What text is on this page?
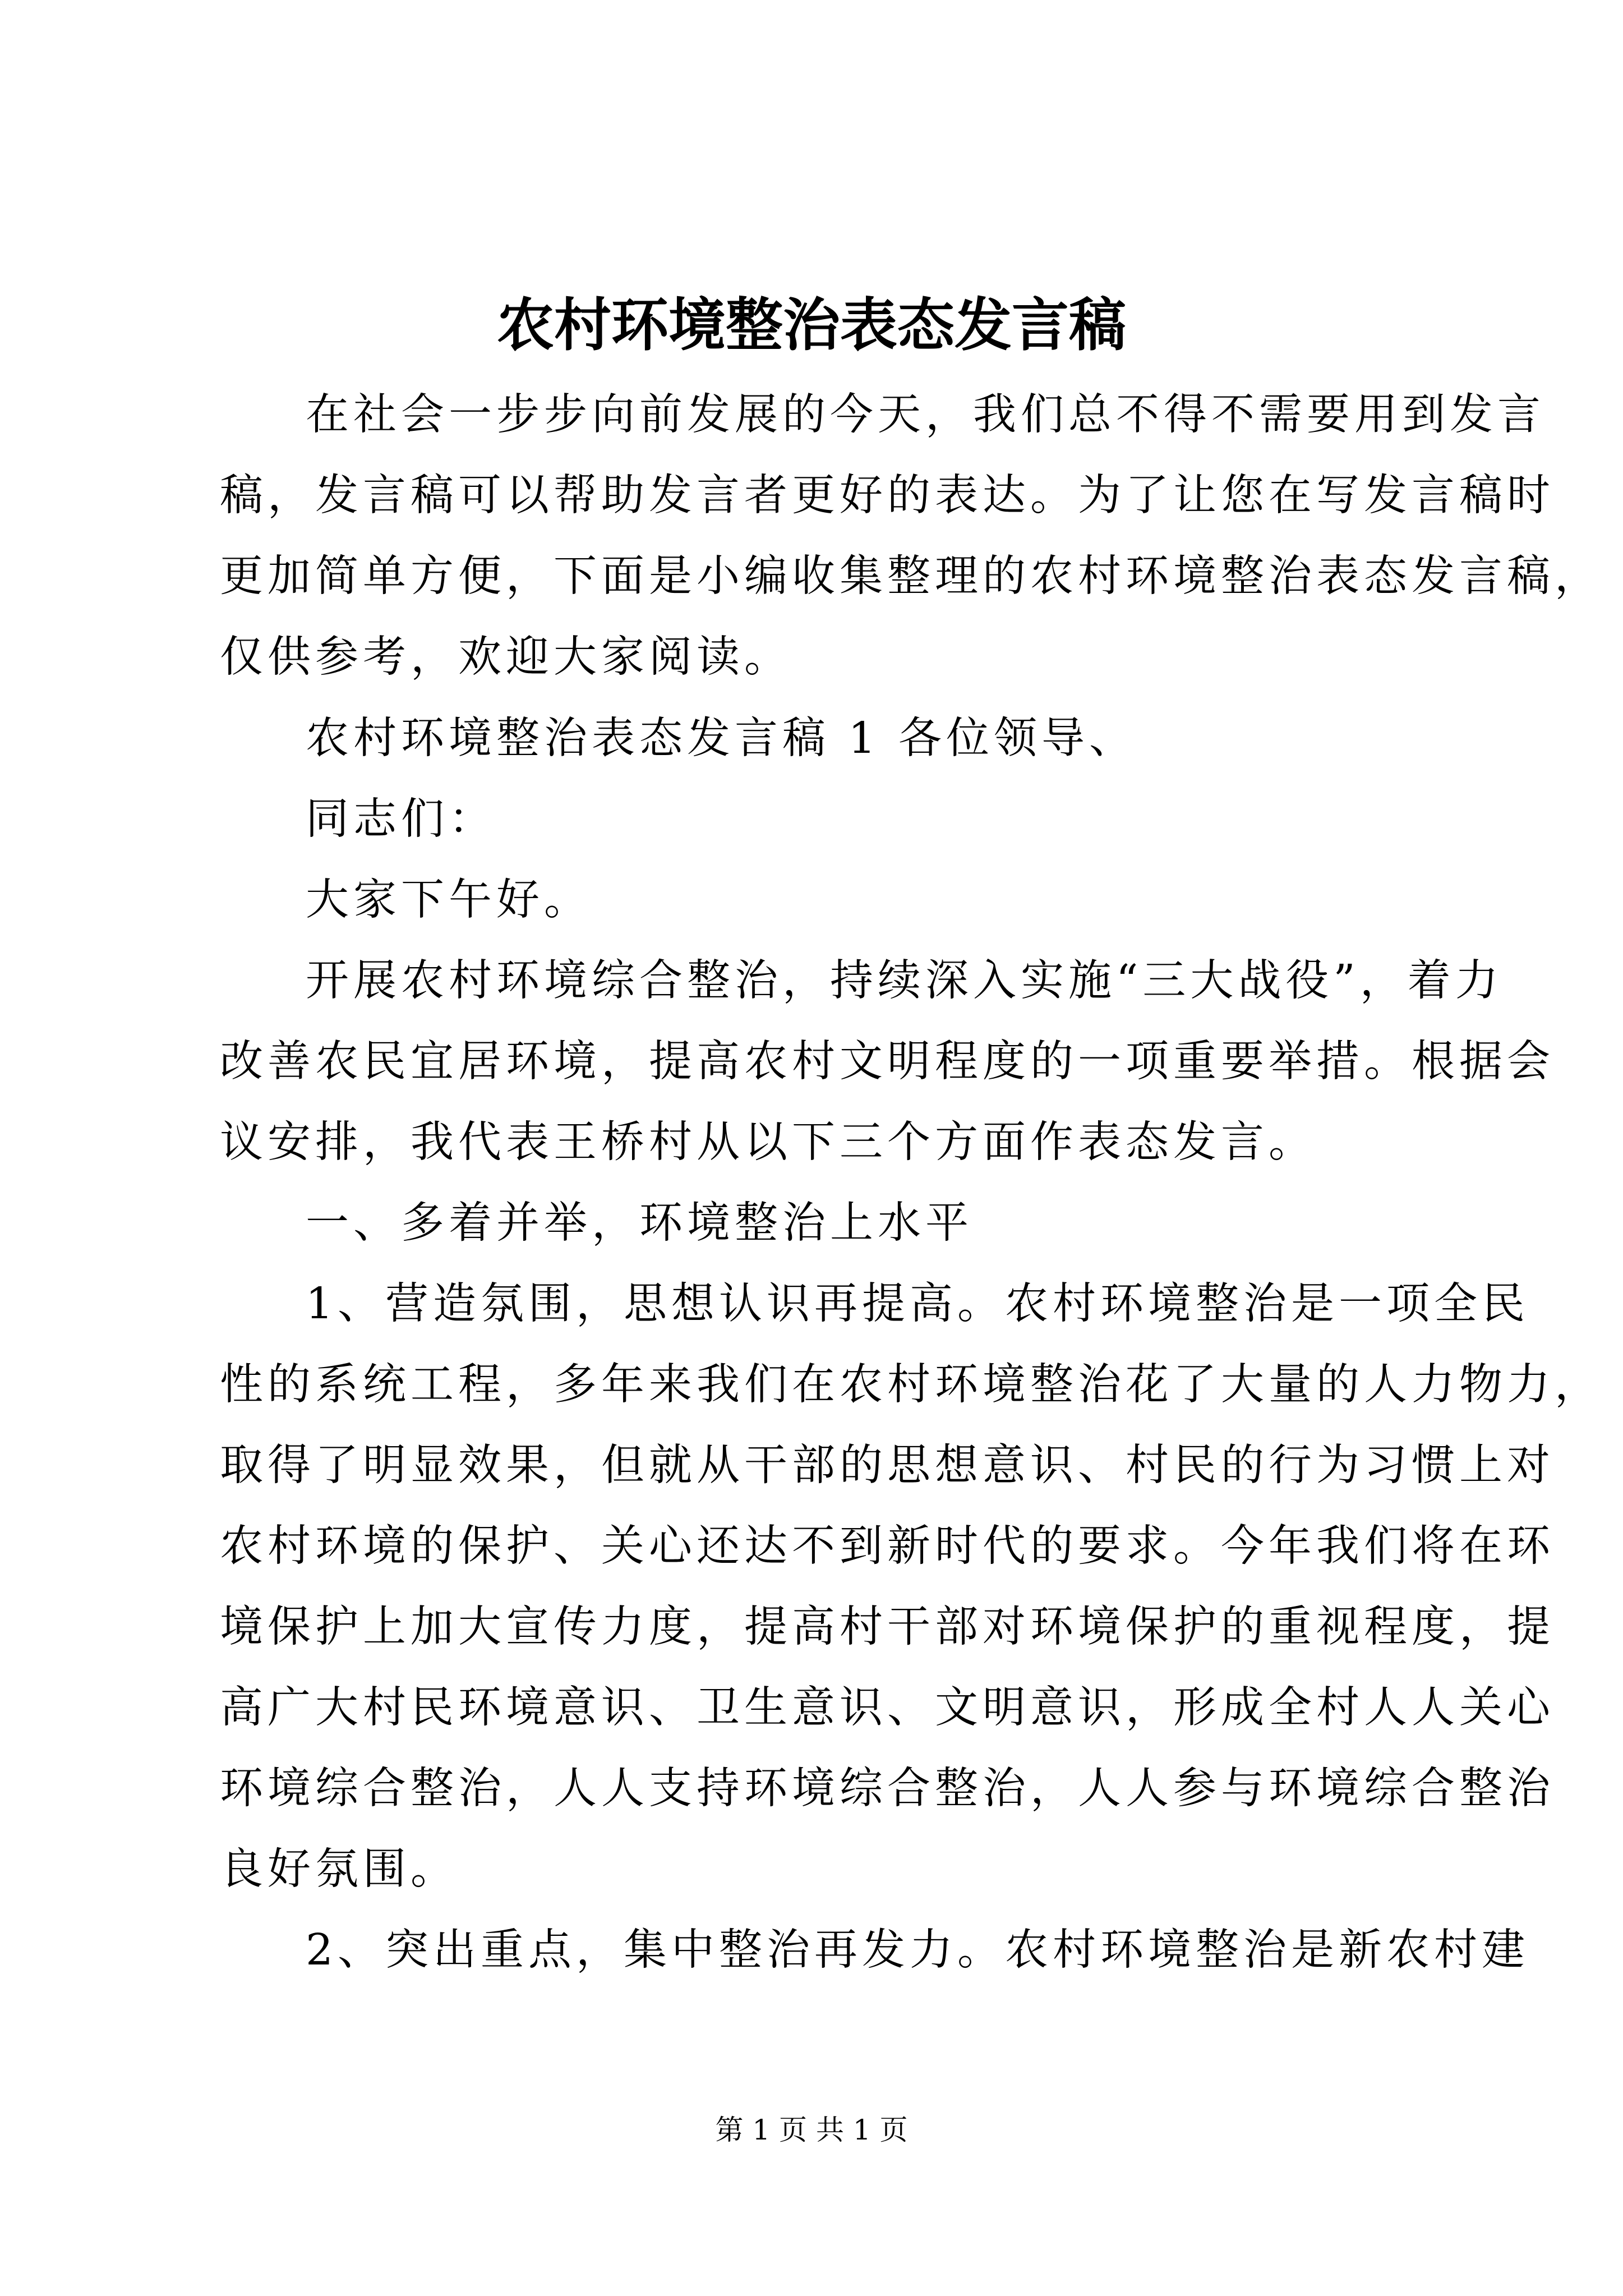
农村环境整治表态发言稿
在社会一步步向前发展的今天，我们总不得不需要用到发言
稿，发言稿可以帮助发言者更好的表达。为了让您在写发言稿时
更加简单方便，下面是小编收集整理的农村环境整治表态发言稿，
仅供参考，欢迎大家阅读。
农村环境整治表态发言稿 1 各位领导、
同志们：
大家下午好。
开展农村环境综合整治，持续深入实施“三大战役”，着力
改善农民宜居环境，提高农村文明程度的一项重要举措。根据会
议安排，我代表王桥村从以下三个方面作表态发言。
一、多着并举，环境整治上水平
1、营造氛围，思想认识再提高。农村环境整治是一项全民
性的系统工程，多年来我们在农村环境整治花了大量的人力物力，
取得了明显效果，但就从干部的思想意识、村民的行为习惯上对
农村环境的保护、关心还达不到新时代的要求。今年我们将在环
境保护上加大宣传力度，提高村干部对环境保护的重视程度，提
高广大村民环境意识、卫生意识、文明意识，形成全村人人关心
环境综合整治，人人支持环境综合整治，人人参与环境综合整治
良好氛围。
2、突出重点，集中整治再发力。农村环境整治是新农村建
第 1 页 共 1 页
